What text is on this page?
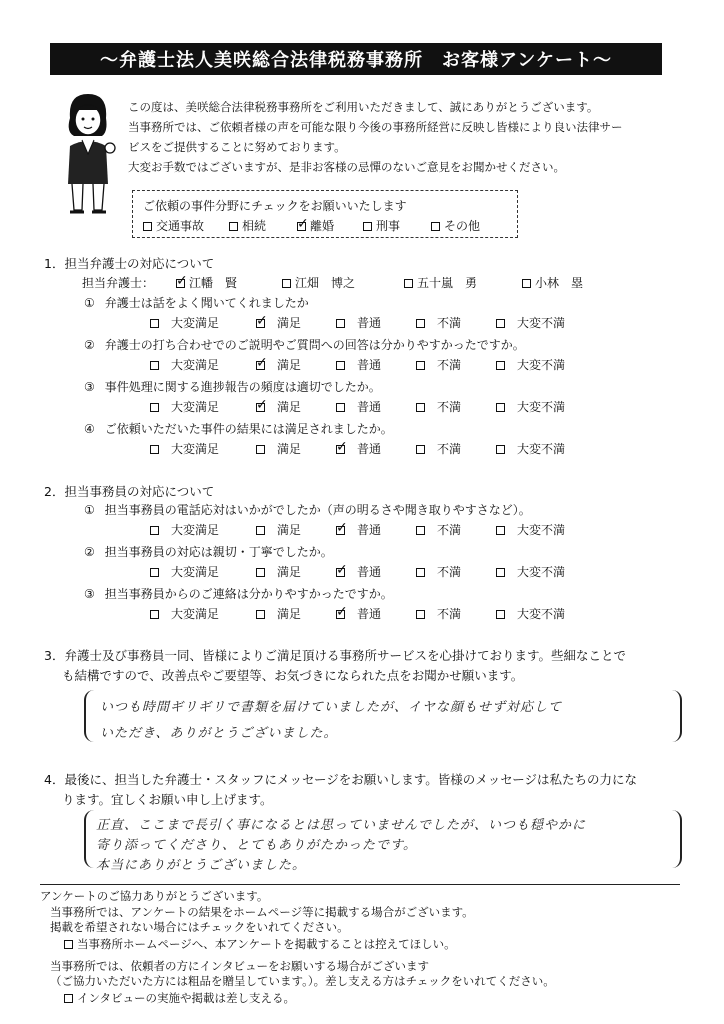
～弁護士法人美咲総合法律税務事務所　お客様アンケート～

この度は、美咲総合法律税務事務所をご利用いただきまして、誠にありがとうございます。

当事務所では、ご依頼者様の声を可能な限り今後の事務所経営に反映し皆様により良い法律サー

ビスをご提供することに努めております。

大変お手数ではございますが、是非お客様の忌憚のないご意見をお聞かせください。

ご依頼の事件分野にチェックをお願いいたします
交通事故	相続 ✓	離婚	刑事	その他
1．担当弁護士の対応について
担当弁護士： ✓	江幡　賢	江畑　博之	五十嵐　勇	小林　塁
① 弁護士は話をよく聞いてくれましたか
大変満足 ✓	満足	普通	不満	大変不満
② 弁護士の打ち合わせでのご説明やご質問への回答は分かりやすかったですか。
大変満足 ✓	満足	普通	不満	大変不満
③ 事件処理に関する進捗報告の頻度は適切でしたか。
大変満足 ✓	満足	普通	不満	大変不満
④ ご依頼いただいた事件の結果には満足されましたか。
大変満足	満足 ✓	普通	不満	大変不満
2．担当事務員の対応について
① 担当事務員の電話応対はいかがでしたか（声の明るさや聞き取りやすさなど）。
大変満足	満足 ✓	普通	不満	大変不満
② 担当事務員の対応は親切・丁寧でしたか。
大変満足	満足 ✓	普通	不満	大変不満
③ 担当事務員からのご連絡は分かりやすかったですか。
大変満足	満足 ✓	普通	不満	大変不満
3．弁護士及び事務員一同、皆様によりご満足頂ける事務所サービスを心掛けております。些細なことで
も結構ですので、改善点やご要望等、お気づきになられた点をお聞かせ願います。
いつも時間ギリギリで書類を届けていましたが、イヤな顔もせず対応して
いただき、ありがとうございました。
4．最後に、担当した弁護士・スタッフにメッセージをお願いします。皆様のメッセージは私たちの力にな
ります。宜しくお願い申し上げます。
正直、ここまで長引く事になるとは思っていませんでしたが、いつも穏やかに
寄り添ってくださり、とてもありがたかったです。
本当にありがとうございました。
アンケートのご協力ありがとうございます。
当事務所では、アンケートの結果をホームページ等に掲載する場合がございます。
掲載を希望されない場合にはチェックをいれてください。
当事務所ホームページへ、本アンケートを掲載することは控えてほしい。
当事務所では、依頼者の方にインタビューをお願いする場合がございます
（ご協力いただいた方には粗品を贈呈しています。）。差し支える方はチェックをいれてください。
インタビューの実施や掲載は差し支える。
